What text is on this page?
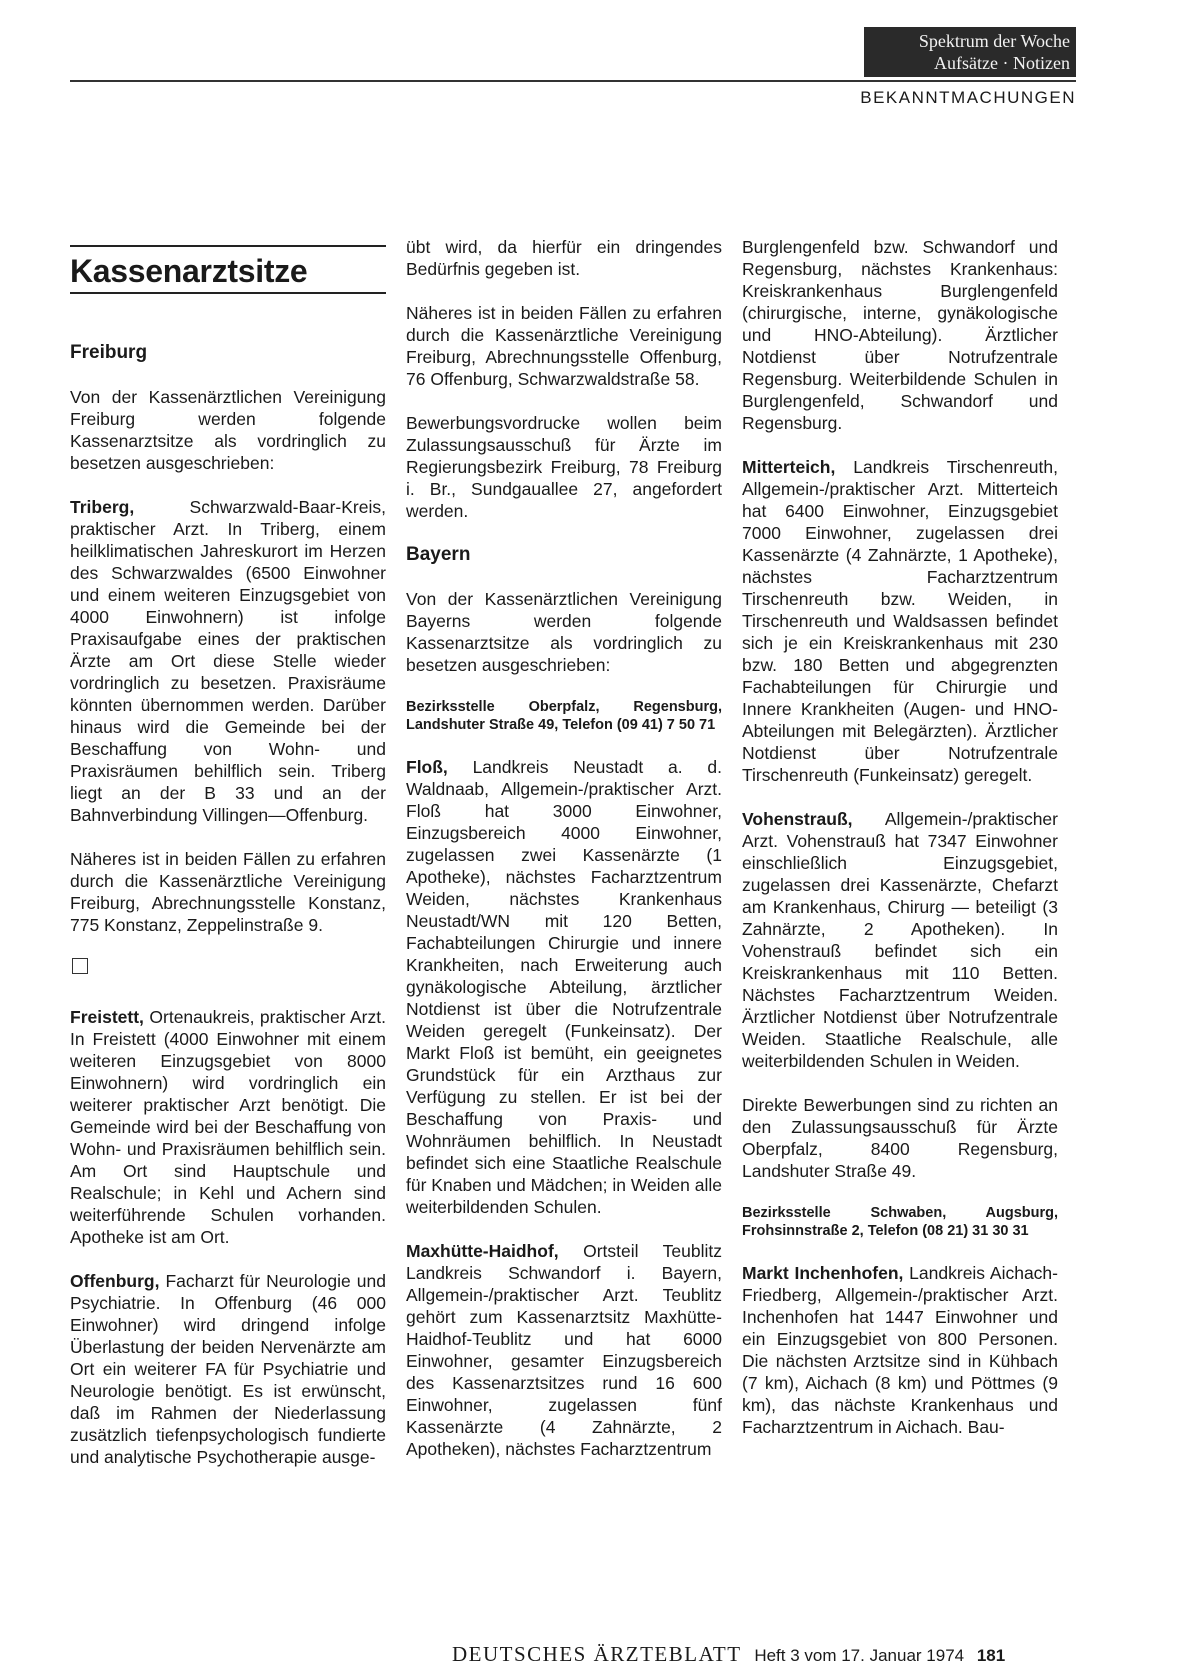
Spektrum der Woche
Aufsätze · Notizen
BEKANNTMACHUNGEN
Kassenarztsitze
Freiburg

Von der Kassenärztlichen Vereinigung Freiburg werden folgende Kassenarztsitze als vordringlich zu besetzen ausgeschrieben:

Triberg, Schwarzwald-Baar-Kreis, praktischer Arzt. In Triberg, einem heilklimatischen Jahreskurort im Herzen des Schwarzwaldes (6500 Einwohner und einem weiteren Einzugsgebiet von 4000 Einwohnern) ist infolge Praxisaufgabe eines der praktischen Ärzte am Ort diese Stelle wieder vordringlich zu besetzen. Praxisräume könnten übernommen werden. Darüber hinaus wird die Gemeinde bei der Beschaffung von Wohn- und Praxisräumen behilflich sein. Triberg liegt an der B 33 und an der Bahnverbindung Villingen—Offenburg.

Näheres ist in beiden Fällen zu erfahren durch die Kassenärztliche Vereinigung Freiburg, Abrechnungsstelle Konstanz, 775 Konstanz, Zeppelinstraße 9.

Freistett, Ortenaukreis, praktischer Arzt. In Freistett (4000 Einwohner mit einem weiteren Einzugsgebiet von 8000 Einwohnern) wird vordringlich ein weiterer praktischer Arzt benötigt. Die Gemeinde wird bei der Beschaffung von Wohn- und Praxisräumen behilflich sein. Am Ort sind Hauptschule und Realschule; in Kehl und Achern sind weiterführende Schulen vorhanden. Apotheke ist am Ort.

Offenburg, Facharzt für Neurologie und Psychiatrie. In Offenburg (46 000 Einwohner) wird dringend infolge Überlastung der beiden Nervenärzte am Ort ein weiterer FA für Psychiatrie und Neurologie benötigt. Es ist erwünscht, daß im Rahmen der Niederlassung zusätzlich tiefenpsychologisch fundierte und analytische Psychotherapie ausge-

übt wird, da hierfür ein dringendes Bedürfnis gegeben ist.

Näheres ist in beiden Fällen zu erfahren durch die Kassenärztliche Vereinigung Freiburg, Abrechnungsstelle Offenburg, 76 Offenburg, Schwarzwaldstraße 58.

Bewerbungsvordrucke wollen beim Zulassungsausschuß für Ärzte im Regierungsbezirk Freiburg, 78 Freiburg i. Br., Sundgauallee 27, angefordert werden.

Bayern

Von der Kassenärztlichen Vereinigung Bayerns werden folgende Kassenarztsitze als vordringlich zu besetzen ausgeschrieben:

Bezirksstelle Oberpfalz, Regensburg, Landshuter Straße 49, Telefon (09 41) 7 50 71

Floß, Landkreis Neustadt a. d. Waldnaab, Allgemein-/praktischer Arzt. Floß hat 3000 Einwohner, Einzugsbereich 4000 Einwohner, zugelassen zwei Kassenärzte (1 Apotheke), nächstes Facharztzentrum Weiden, nächstes Krankenhaus Neustadt/WN mit 120 Betten, Fachabteilungen Chirurgie und innere Krankheiten, nach Erweiterung auch gynäkologische Abteilung, ärztlicher Notdienst ist über die Notrufzentrale Weiden geregelt (Funkeinsatz). Der Markt Floß ist bemüht, ein geeignetes Grundstück für ein Arzthaus zur Verfügung zu stellen. Er ist bei der Beschaffung von Praxis- und Wohnräumen behilflich. In Neustadt befindet sich eine Staatliche Realschule für Knaben und Mädchen; in Weiden alle weiterbildenden Schulen.

Maxhütte-Haidhof, Ortsteil Teublitz Landkreis Schwandorf i. Bayern, Allgemein-/praktischer Arzt. Teublitz gehört zum Kassenarztsitz Maxhütte-Haidhof-Teublitz und hat 6000 Einwohner, gesamter Einzugsbereich des Kassenarztsitzes rund 16 600 Einwohner, zugelassen fünf Kassenärzte (4 Zahnärzte, 2 Apotheken), nächstes Facharztzentrum

Burglengenfeld bzw. Schwandorf und Regensburg, nächstes Krankenhaus: Kreiskrankenhaus Burglengenfeld (chirurgische, interne, gynäkologische und HNO-Abteilung). Ärztlicher Notdienst über Notrufzentrale Regensburg. Weiterbildende Schulen in Burglengenfeld, Schwandorf und Regensburg.

Mitterteich, Landkreis Tirschenreuth, Allgemein-/praktischer Arzt. Mitterteich hat 6400 Einwohner, Einzugsgebiet 7000 Einwohner, zugelassen drei Kassenärzte (4 Zahnärzte, 1 Apotheke), nächstes Facharztzentrum Tirschenreuth bzw. Weiden, in Tirschenreuth und Waldsassen befindet sich je ein Kreiskrankenhaus mit 230 bzw. 180 Betten und abgegrenzten Fachabteilungen für Chirurgie und Innere Krankheiten (Augen- und HNO-Abteilungen mit Belegärzten). Ärztlicher Notdienst über Notrufzentrale Tirschenreuth (Funkeinsatz) geregelt.

Vohenstrauß, Allgemein-/praktischer Arzt. Vohenstrauß hat 7347 Einwohner einschließlich Einzugsgebiet, zugelassen drei Kassenärzte, Chefarzt am Krankenhaus, Chirurg — beteiligt (3 Zahnärzte, 2 Apotheken). In Vohenstrauß befindet sich ein Kreiskrankenhaus mit 110 Betten. Nächstes Facharztzentrum Weiden. Ärztlicher Notdienst über Notrufzentrale Weiden. Staatliche Realschule, alle weiterbildenden Schulen in Weiden.

Direkte Bewerbungen sind zu richten an den Zulassungsausschuß für Ärzte Oberpfalz, 8400 Regensburg, Landshuter Straße 49.

Bezirksstelle Schwaben, Augsburg, Frohsinnstraße 2, Telefon (08 21) 31 30 31

Markt Inchenhofen, Landkreis Aichach-Friedberg, Allgemein-/praktischer Arzt. Inchenhofen hat 1447 Einwohner und ein Einzugsgebiet von 800 Personen. Die nächsten Arztsitze sind in Kühbach (7 km), Aichach (8 km) und Pöttmes (9 km), das nächste Krankenhaus und Facharztzentrum in Aichach. Bau-

DEUTSCHES ÄRZTEBLATT Heft 3 vom 17. Januar 1974 181
